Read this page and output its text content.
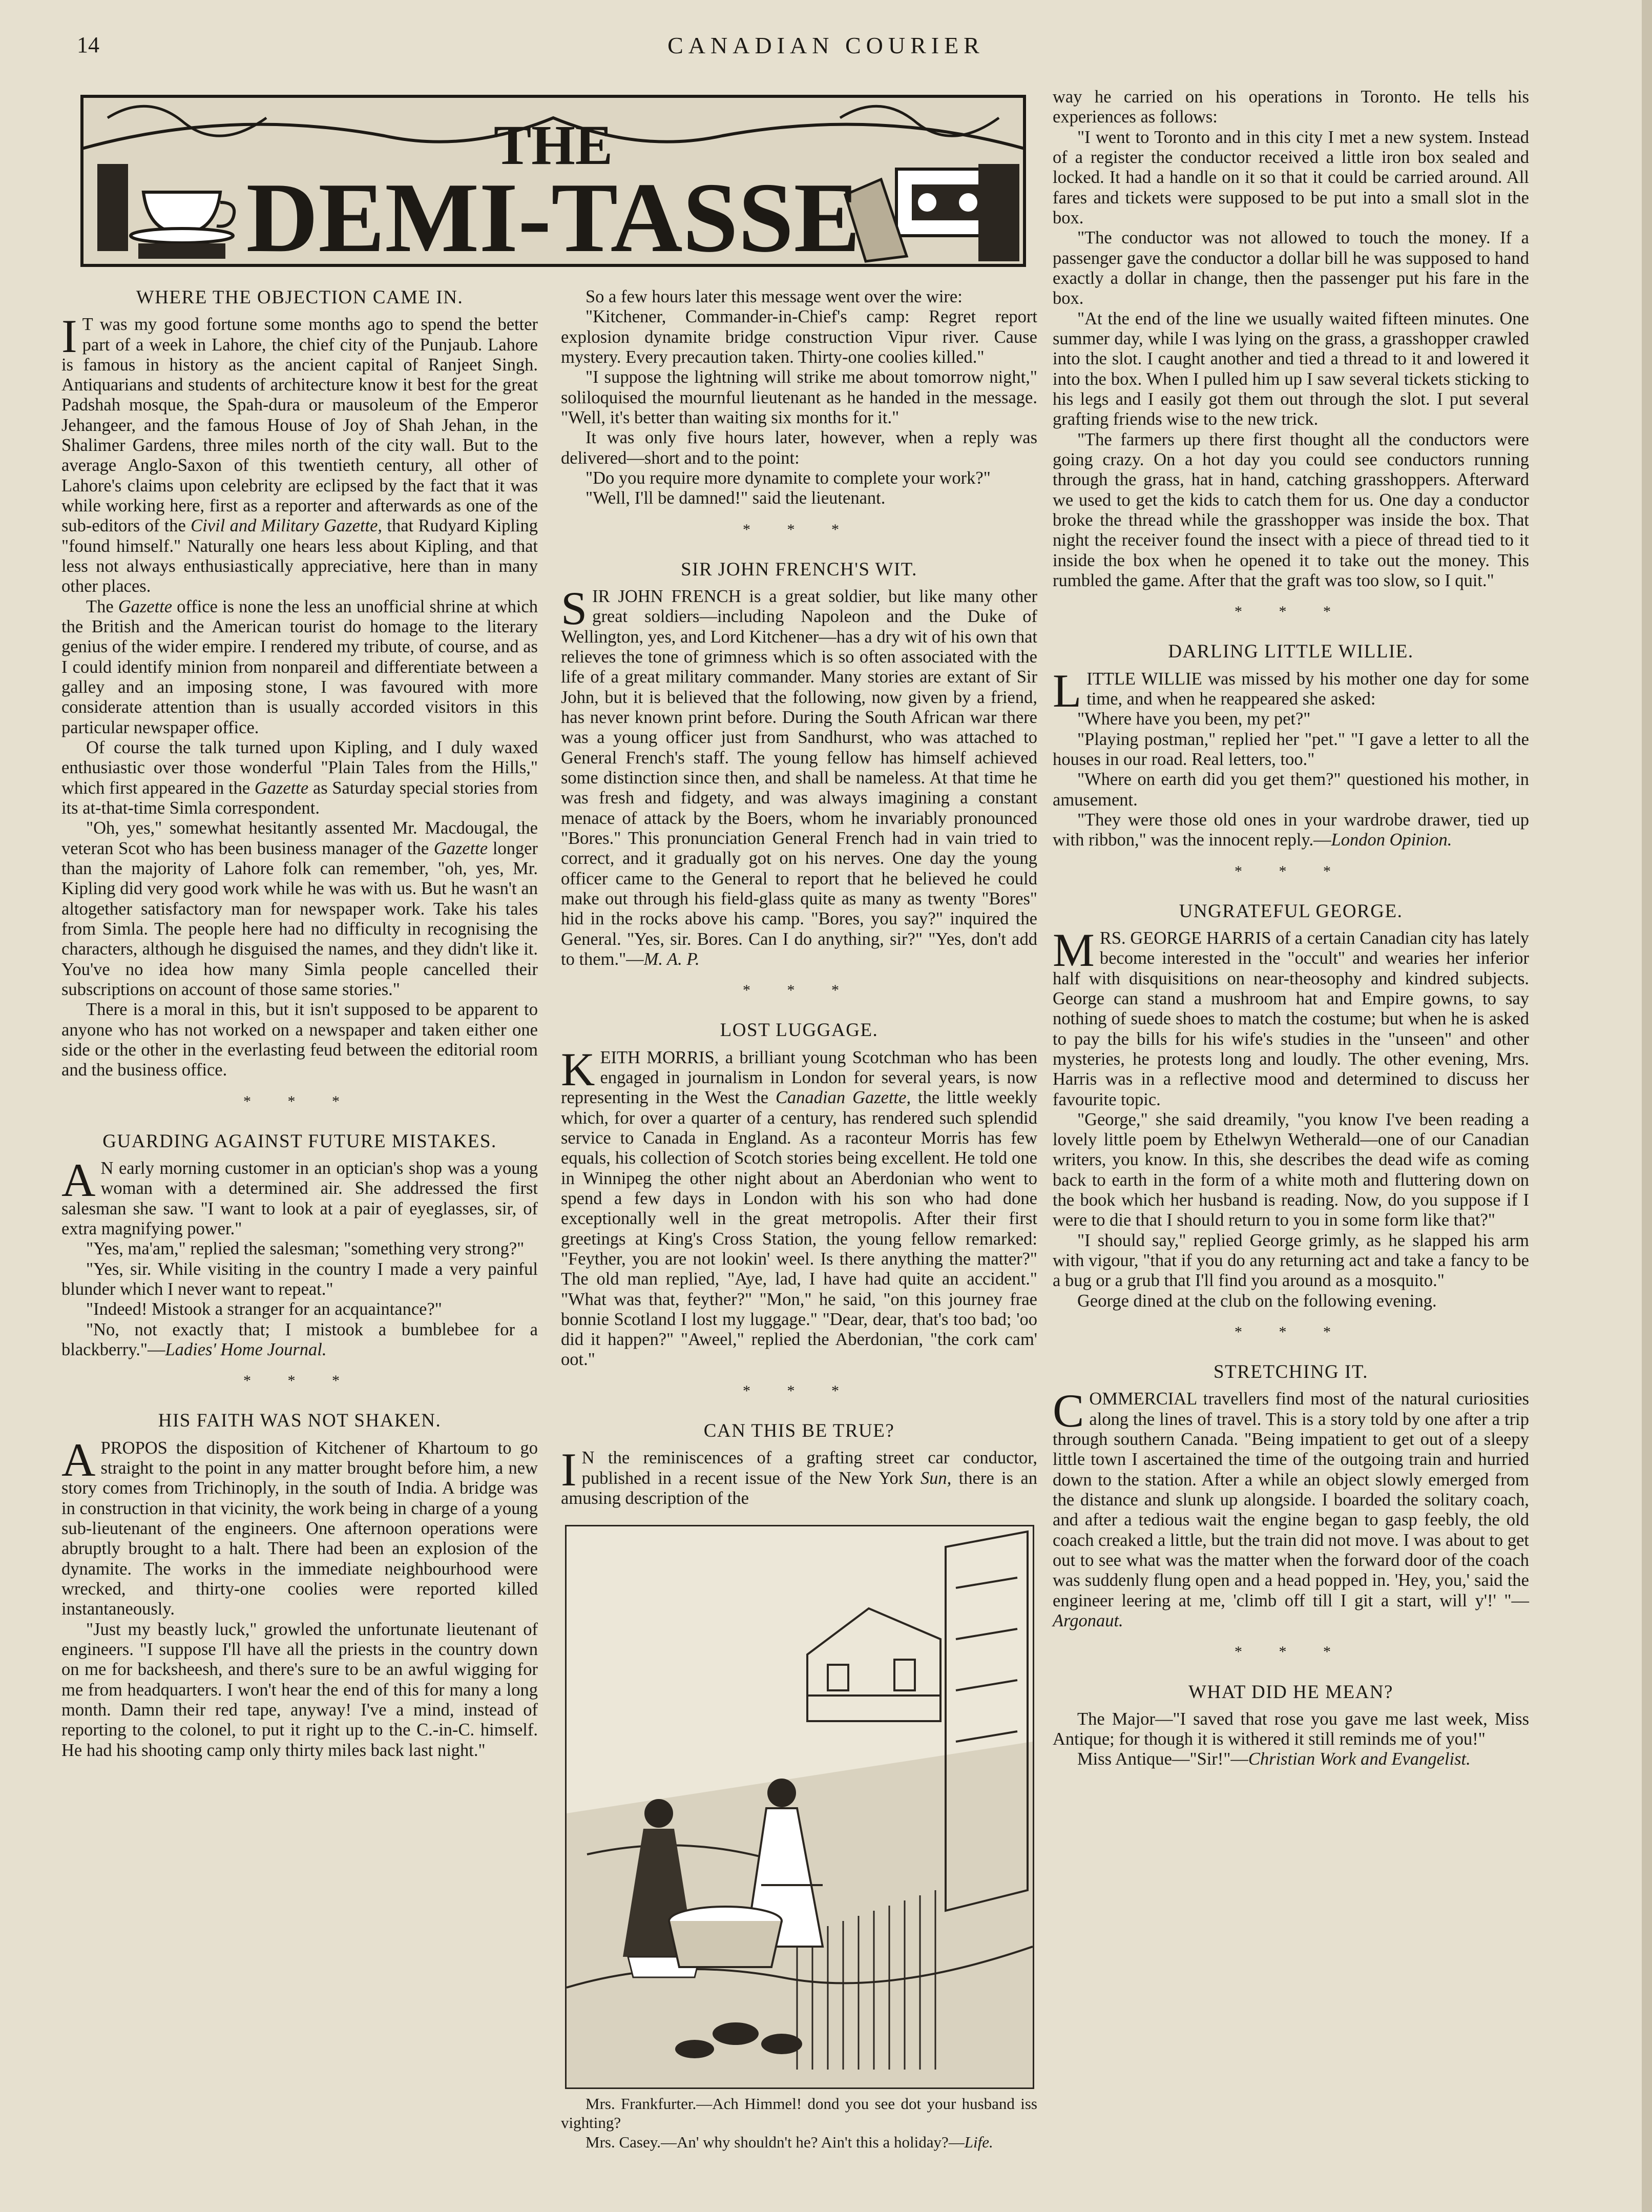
14	CANADIAN COURIER
THE
DEMI-TASSE
WHERE THE OBJECTION CAME IN.

I T was my good fortune some months ago to spend the better part of a week in Lahore, the chief city of the Punjaub. Lahore is famous in history as the ancient capital of Ranjeet Singh. Antiquarians and students of architecture know it best for the great Padshah mosque, the Spah-dura or mausoleum of the Emperor Jehangeer, and the famous House of Joy of Shah Jehan, in the Shalimer Gardens, three miles north of the city wall. But to the average Anglo-Saxon of this twentieth century, all other of Lahore's claims upon celebrity are eclipsed by the fact that it was while working here, first as a reporter and afterwards as one of the sub-editors of the Civil and Military Gazette, that Rudyard Kipling "found himself." Naturally one hears less about Kipling, and that less not always enthusiastically appreciative, here than in many other places.

The Gazette office is none the less an unofficial shrine at which the British and the American tourist do homage to the literary genius of the wider empire. I rendered my tribute, of course, and as I could identify minion from nonpareil and differentiate between a galley and an imposing stone, I was favoured with more considerate attention than is usually accorded visitors in this particular newspaper office.

Of course the talk turned upon Kipling, and I duly waxed enthusiastic over those wonderful "Plain Tales from the Hills," which first appeared in the Gazette as Saturday special stories from its at-that-time Simla correspondent.

"Oh, yes," somewhat hesitantly assented Mr. Macdougal, the veteran Scot who has been business manager of the Gazette longer than the majority of Lahore folk can remember, "oh, yes, Mr. Kipling did very good work while he was with us. But he wasn't an altogether satisfactory man for newspaper work. Take his tales from Simla. The people here had no difficulty in recognising the characters, although he disguised the names, and they didn't like it. You've no idea how many Simla people cancelled their subscriptions on account of those same stories."

There is a moral in this, but it isn't supposed to be apparent to anyone who has not worked on a newspaper and taken either one side or the other in the everlasting feud between the editorial room and the business office.

* * *
GUARDING AGAINST FUTURE MISTAKES.

A N early morning customer in an optician's shop was a young woman with a determined air. She addressed the first salesman she saw. "I want to look at a pair of eyeglasses, sir, of extra magnifying power."

"Yes, ma'am," replied the salesman; "something very strong?"

"Yes, sir. While visiting in the country I made a very painful blunder which I never want to repeat."

"Indeed! Mistook a stranger for an acquaintance?"

"No, not exactly that; I mistook a bumblebee for a blackberry."—Ladies' Home Journal.

* * *
HIS FAITH WAS NOT SHAKEN.

APROPOS the disposition of Kitchener of Khartoum to go straight to the point in any matter brought before him, a new story comes from Trichinoply, in the south of India. A bridge was in construction in that vicinity, the work being in charge of a young sub-lieutenant of the engineers. One afternoon operations were abruptly brought to a halt. There had been an explosion of the dynamite. The works in the immediate neighbourhood were wrecked, and thirty-one coolies were reported killed instantaneously.

"Just my beastly luck," growled the unfortunate lieutenant of engineers. "I suppose I'll have all the priests in the country down on me for backsheesh, and there's sure to be an awful wigging for me from headquarters. I won't hear the end of this for many a long month. Damn their red tape, anyway! I've a mind, instead of reporting to the colonel, to put it right up to the C.-in-C. himself. He had his shooting camp only thirty miles back last night."

So a few hours later this message went over the wire:

"Kitchener, Commander-in-Chief's camp: Regret report explosion dynamite bridge construction Vipur river. Cause mystery. Every precaution taken. Thirty-one coolies killed."

"I suppose the lightning will strike me about tomorrow night," soliloquised the mournful lieutenant as he handed in the message. "Well, it's better than waiting six months for it."

It was only five hours later, however, when a reply was delivered—short and to the point:

"Do you require more dynamite to complete your work?"

"Well, I'll be damned!" said the lieutenant.

* * *
SIR JOHN FRENCH'S WIT.

SIR JOHN FRENCH is a great soldier, but like many other great soldiers—including Napoleon and the Duke of Wellington, yes, and Lord Kitchener—has a dry wit of his own that relieves the tone of grimness which is so often associated with the life of a great military commander. Many stories are extant of Sir John, but it is believed that the following, now given by a friend, has never known print before. During the South African war there was a young officer just from Sandhurst, who was attached to General French's staff. The young fellow has himself achieved some distinction since then, and shall be nameless. At that time he was fresh and fidgety, and was always imagining a constant menace of attack by the Boers, whom he invariably pronounced "Bores." This pronunciation General French had in vain tried to correct, and it gradually got on his nerves. One day the young officer came to the General to report that he believed he could make out through his field-glass quite as many as twenty "Bores" hid in the rocks above his camp. "Bores, you say?" inquired the General. "Yes, sir. Bores. Can I do anything, sir?" "Yes, don't add to them."—M. A. P.

* * *
LOST LUGGAGE.

KEITH MORRIS, a brilliant young Scotchman who has been engaged in journalism in London for several years, is now representing in the West the Canadian Gazette, the little weekly which, for over a quarter of a century, has rendered such splendid service to Canada in England. As a raconteur Morris has few equals, his collection of Scotch stories being excellent. He told one in Winnipeg the other night about an Aberdonian who went to spend a few days in London with his son who had done exceptionally well in the great metropolis. After their first greetings at King's Cross Station, the young fellow remarked: "Feyther, you are not lookin' weel. Is there anything the matter?" The old man replied, "Aye, lad, I have had quite an accident." "What was that, feyther?" "Mon," he said, "on this journey frae bonnie Scotland I lost my luggage." "Dear, dear, that's too bad; 'oo did it happen?" "Aweel," replied the Aberdonian, "the cork cam' oot."

* * *
CAN THIS BE TRUE?

I N the reminiscences of a grafting street car conductor, published in a recent issue of the New York Sun, there is an amusing description of the

Mrs. Frankfurter.—Ach Himmel! dond you see dot your husband iss vighting?

Mrs. Casey.—An' why shouldn't he? Ain't this a holiday?—Life.

way he carried on his operations in Toronto. He tells his experiences as follows:

"I went to Toronto and in this city I met a new system. Instead of a register the conductor received a little iron box sealed and locked. It had a handle on it so that it could be carried around. All fares and tickets were supposed to be put into a small slot in the box.

"The conductor was not allowed to touch the money. If a passenger gave the conductor a dollar bill he was supposed to hand exactly a dollar in change, then the passenger put his fare in the box.

"At the end of the line we usually waited fifteen minutes. One summer day, while I was lying on the grass, a grasshopper crawled into the slot. I caught another and tied a thread to it and lowered it into the box. When I pulled him up I saw several tickets sticking to his legs and I easily got them out through the slot. I put several grafting friends wise to the new trick.

"The farmers up there first thought all the conductors were going crazy. On a hot day you could see conductors running through the grass, hat in hand, catching grasshoppers. Afterward we used to get the kids to catch them for us. One day a conductor broke the thread while the grasshopper was inside the box. That night the receiver found the insect with a piece of thread tied to it inside the box when he opened it to take out the money. This rumbled the game. After that the graft was too slow, so I quit."

* * *
DARLING LITTLE WILLIE.

LITTLE WILLIE was missed by his mother one day for some time, and when he reappeared she asked:

"Where have you been, my pet?"

"Playing postman," replied her "pet." "I gave a letter to all the houses in our road. Real letters, too."

"Where on earth did you get them?" questioned his mother, in amusement.

"They were those old ones in your wardrobe drawer, tied up with ribbon," was the innocent reply.—London Opinion.

* * *
UNGRATEFUL GEORGE.

MRS. GEORGE HARRIS of a certain Canadian city has lately become interested in the "occult" and wearies her inferior half with disquisitions on near-theosophy and kindred subjects. George can stand a mushroom hat and Empire gowns, to say nothing of suede shoes to match the costume; but when he is asked to pay the bills for his wife's studies in the "unseen" and other mysteries, he protests long and loudly. The other evening, Mrs. Harris was in a reflective mood and determined to discuss her favourite topic.

"George," she said dreamily, "you know I've been reading a lovely little poem by Ethelwyn Wetherald—one of our Canadian writers, you know. In this, she describes the dead wife as coming back to earth in the form of a white moth and fluttering down on the book which her husband is reading. Now, do you suppose if I were to die that I should return to you in some form like that?"

"I should say," replied George grimly, as he slapped his arm with vigour, "that if you do any returning act and take a fancy to be a bug or a grub that I'll find you around as a mosquito."

George dined at the club on the following evening.

* * *
STRETCHING IT.

COMMERCIAL travellers find most of the natural curiosities along the lines of travel. This is a story told by one after a trip through southern Canada. "Being impatient to get out of a sleepy little town I ascertained the time of the outgoing train and hurried down to the station. After a while an object slowly emerged from the distance and slunk up alongside. I boarded the solitary coach, and after a tedious wait the engine began to gasp feebly, the old coach creaked a little, but the train did not move. I was about to get out to see what was the matter when the forward door of the coach was suddenly flung open and a head popped in. 'Hey, you,' said the engineer leering at me, 'climb off till I git a start, will y'!' "—Argonaut.

* * *
WHAT DID HE MEAN?

The Major—"I saved that rose you gave me last week, Miss Antique; for though it is withered it still reminds me of you!"

Miss Antique—"Sir!"—Christian Work and Evangelist.
